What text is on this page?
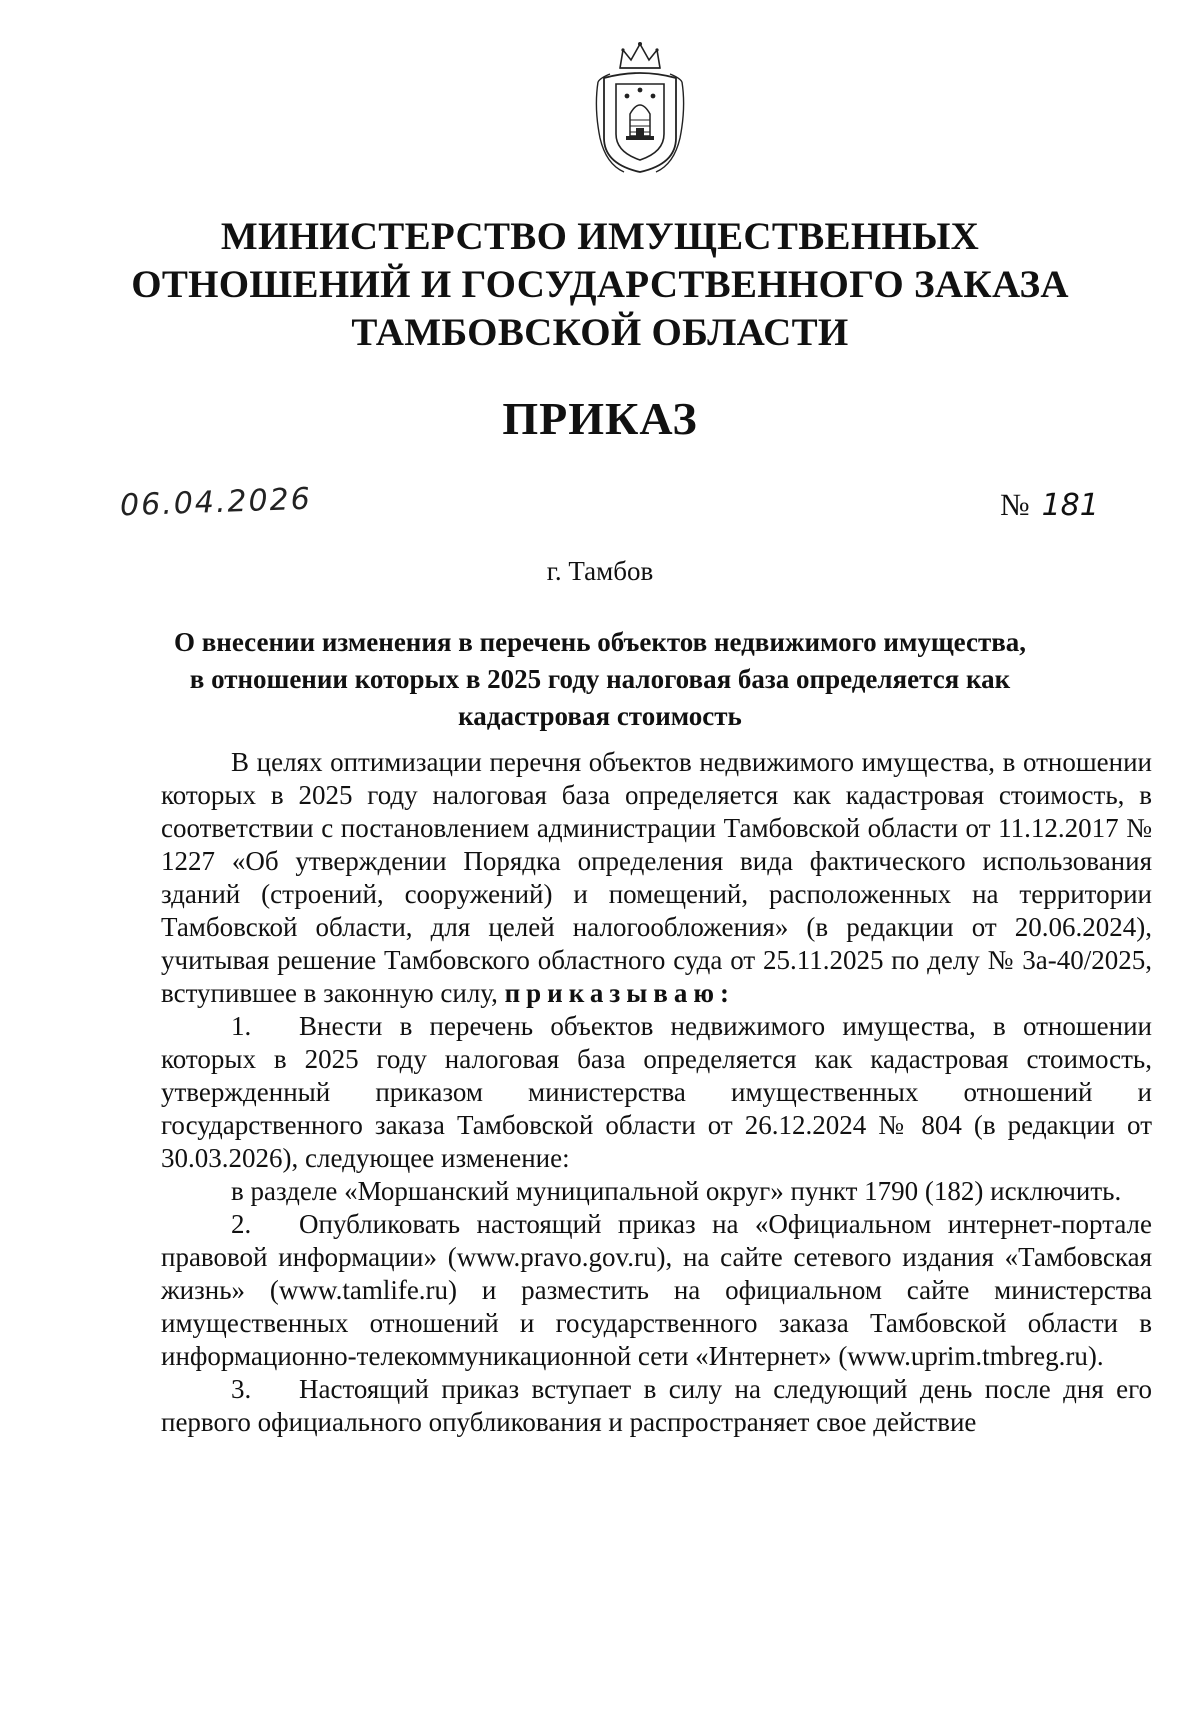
МИНИСТЕРСТВО ИМУЩЕСТВЕННЫХ
ОТНОШЕНИЙ И ГОСУДАРСТВЕННОГО ЗАКАЗА
ТАМБОВСКОЙ ОБЛАСТИ
ПРИКАЗ
06.04.2026	№ 181
г. Тамбов
О внесении изменения в перечень объектов недвижимого имущества,
в отношении которых в 2025 году налоговая база определяется как
кадастровая стоимость

В целях оптимизации перечня объектов недвижимого имущества, в отношении которых в 2025 году налоговая база определяется как кадастровая стоимость, в соответствии с постановлением администрации Тамбовской области от 11.12.2017 № 1227 «Об утверждении Порядка определения вида фактического использования зданий (строений, сооружений) и помещений, расположенных на территории Тамбовской области, для целей налогообложения» (в редакции от 20.06.2024), учитывая решение Тамбовского областного суда от 25.11.2025 по делу № 3а-40/2025, вступившее в законную силу, приказываю:

1. Внести в перечень объектов недвижимого имущества, в отношении которых в 2025 году налоговая база определяется как кадастровая стоимость, утвержденный приказом министерства имущественных отношений и государственного заказа Тамбовской области от 26.12.2024 № 804 (в редакции от 30.03.2026), следующее изменение:

в разделе «Моршанский муниципальной округ» пункт 1790 (182) исключить.

2. Опубликовать настоящий приказ на «Официальном интернет-портале правовой информации» (www.pravo.gov.ru), на сайте сетевого издания «Тамбовская жизнь» (www.tamlife.ru) и разместить на официальном сайте министерства имущественных отношений и государственного заказа Тамбовской области в информационно-телекоммуникационной сети «Интернет» (www.uprim.tmbreg.ru).

3. Настоящий приказ вступает в силу на следующий день после дня его первого официального опубликования и распространяет свое действие
